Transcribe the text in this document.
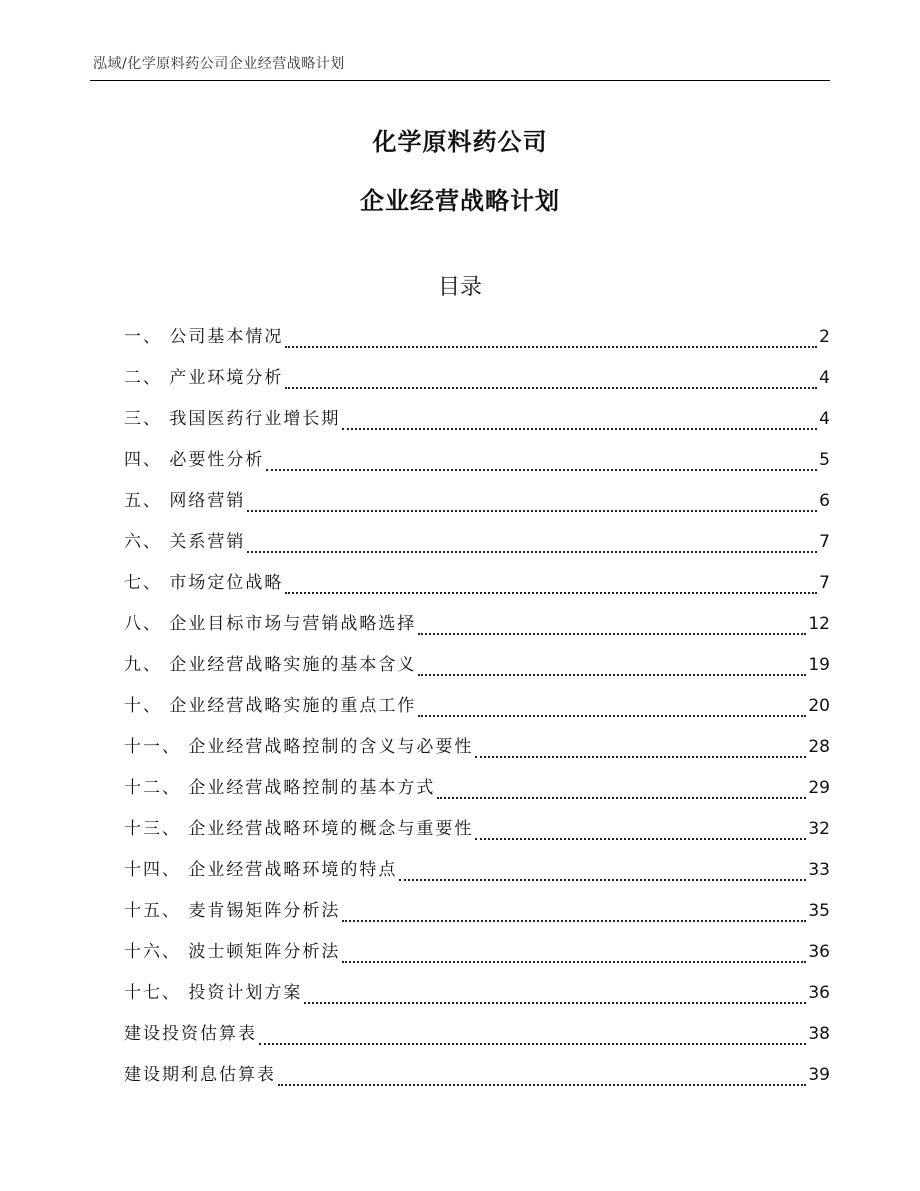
泓域/化学原料药公司企业经营战略计划
化学原料药公司
企业经营战略计划
目录
一、 公司基本情况	2
二、 产业环境分析	4
三、 我国医药行业增长期	4
四、 必要性分析	5
五、 网络营销	6
六、 关系营销	7
七、 市场定位战略	7
八、 企业目标市场与营销战略选择	12
九、 企业经营战略实施的基本含义	19
十、 企业经营战略实施的重点工作	20
十一、 企业经营战略控制的含义与必要性	28
十二、 企业经营战略控制的基本方式	29
十三、 企业经营战略环境的概念与重要性	32
十四、 企业经营战略环境的特点	33
十五、 麦肯锡矩阵分析法	35
十六、 波士顿矩阵分析法	36
十七、 投资计划方案	36
建设投资估算表	38
建设期利息估算表	39
